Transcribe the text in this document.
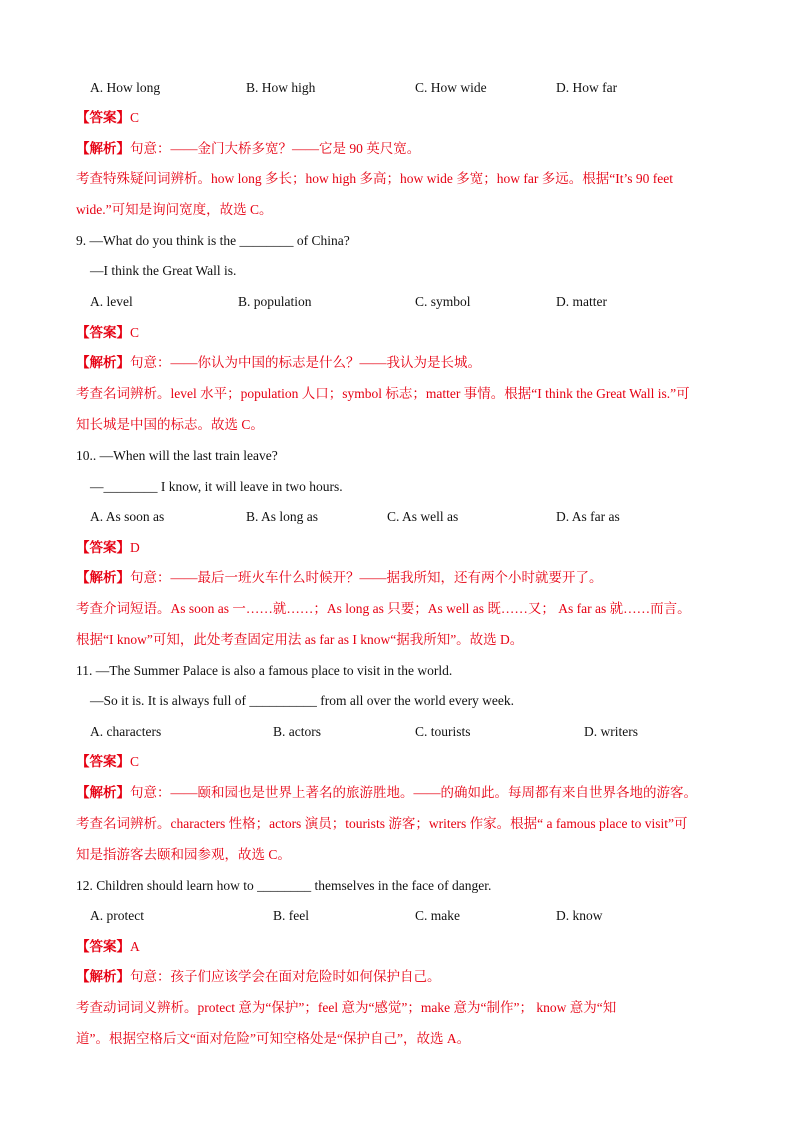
A. How long	B. How high	C. How wide	D. How far
【答案】C
【解析】句意：——金门大桥多宽？——它是 90 英尺宽。
考查特殊疑问词辨析。how long 多长；how high 多高；how wide 多宽；how far 多远。根据“It’s 90 feet
wide.”可知是询问宽度，故选 C。
9. —What do you think is the ________ of China?
—I think the Great Wall is.
A. level	B. population	C. symbol	D. matter
【答案】C
【解析】句意：——你认为中国的标志是什么？——我认为是长城。
考查名词辨析。level 水平；population 人口；symbol 标志；matter 事情。根据“I think the Great Wall is.”可
知长城是中国的标志。故选 C。
10.. —When will the last train leave?
—________ I know, it will leave in two hours.
A. As soon as	B. As long as	C. As well as	D. As far as
【答案】D
【解析】句意：——最后一班火车什么时候开？——据我所知，还有两个小时就要开了。
考查介词短语。As soon as 一……就……；As long as 只要；As well as 既……又； As far as 就……而言。
根据“I know”可知，此处考查固定用法 as far as I know“据我所知”。故选 D。
11. —The Summer Palace is also a famous place to visit in the world.
—So it is. It is always full of __________ from all over the world every week.
A. characters	B. actors	C. tourists	D. writers
【答案】C
【解析】句意：——颐和园也是世界上著名的旅游胜地。——的确如此。每周都有来自世界各地的游客。
考查名词辨析。characters 性格；actors 演员；tourists 游客；writers 作家。根据“ a famous place to visit”可
知是指游客去颐和园参观，故选 C。
12. Children should learn how to ________ themselves in the face of danger.
A. protect	B. feel	C. make	D. know
【答案】A
【解析】句意：孩子们应该学会在面对危险时如何保护自己。
考查动词词义辨析。protect 意为“保护”；feel 意为“感觉”；make 意为“制作”； know 意为“知
道”。根据空格后文“面对危险”可知空格处是“保护自己”，故选 A。
